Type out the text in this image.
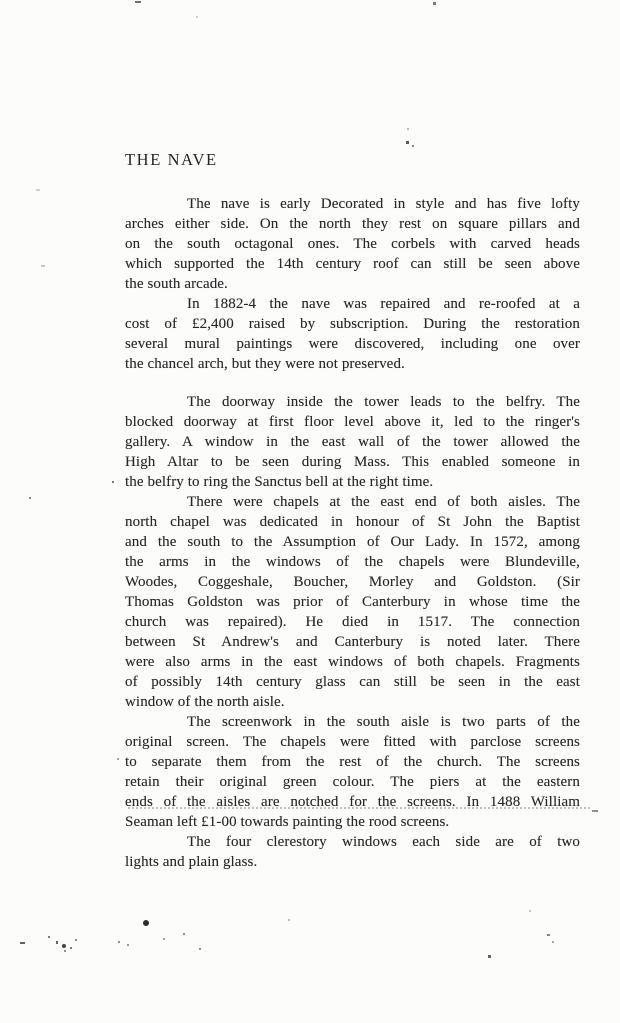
THE NAVE
The nave is early Decorated in style and has five lofty
arches either side. On the north they rest on square pillars and
on the south octagonal ones. The corbels with carved heads
which supported the 14th century roof can still be seen above
the south arcade.
In 1882-4 the nave was repaired and re-roofed at a
cost of £2,400 raised by subscription. During the restoration
several mural paintings were discovered, including one over
the chancel arch, but they were not preserved.
The doorway inside the tower leads to the belfry. The
blocked doorway at first floor level above it, led to the ringer's
gallery. A window in the east wall of the tower allowed the
High Altar to be seen during Mass. This enabled someone in
the belfry to ring the Sanctus bell at the right time.
There were chapels at the east end of both aisles. The
north chapel was dedicated in honour of St John the Baptist
and the south to the Assumption of Our Lady. In 1572, among
the arms in the windows of the chapels were Blundeville,
Woodes, Coggeshale, Boucher, Morley and Goldston. (Sir
Thomas Goldston was prior of Canterbury in whose time the
church was repaired). He died in 1517. The connection
between St Andrew's and Canterbury is noted later. There
were also arms in the east windows of both chapels. Fragments
of possibly 14th century glass can still be seen in the east
window of the north aisle.
The screenwork in the south aisle is two parts of the
original screen. The chapels were fitted with parclose screens
to separate them from the rest of the church. The screens
retain their original green colour. The piers at the eastern
ends of the aisles are notched for the screens. In 1488 William
Seaman left £1-00 towards painting the rood screens.
The four clerestory windows each side are of two
lights and plain glass.
